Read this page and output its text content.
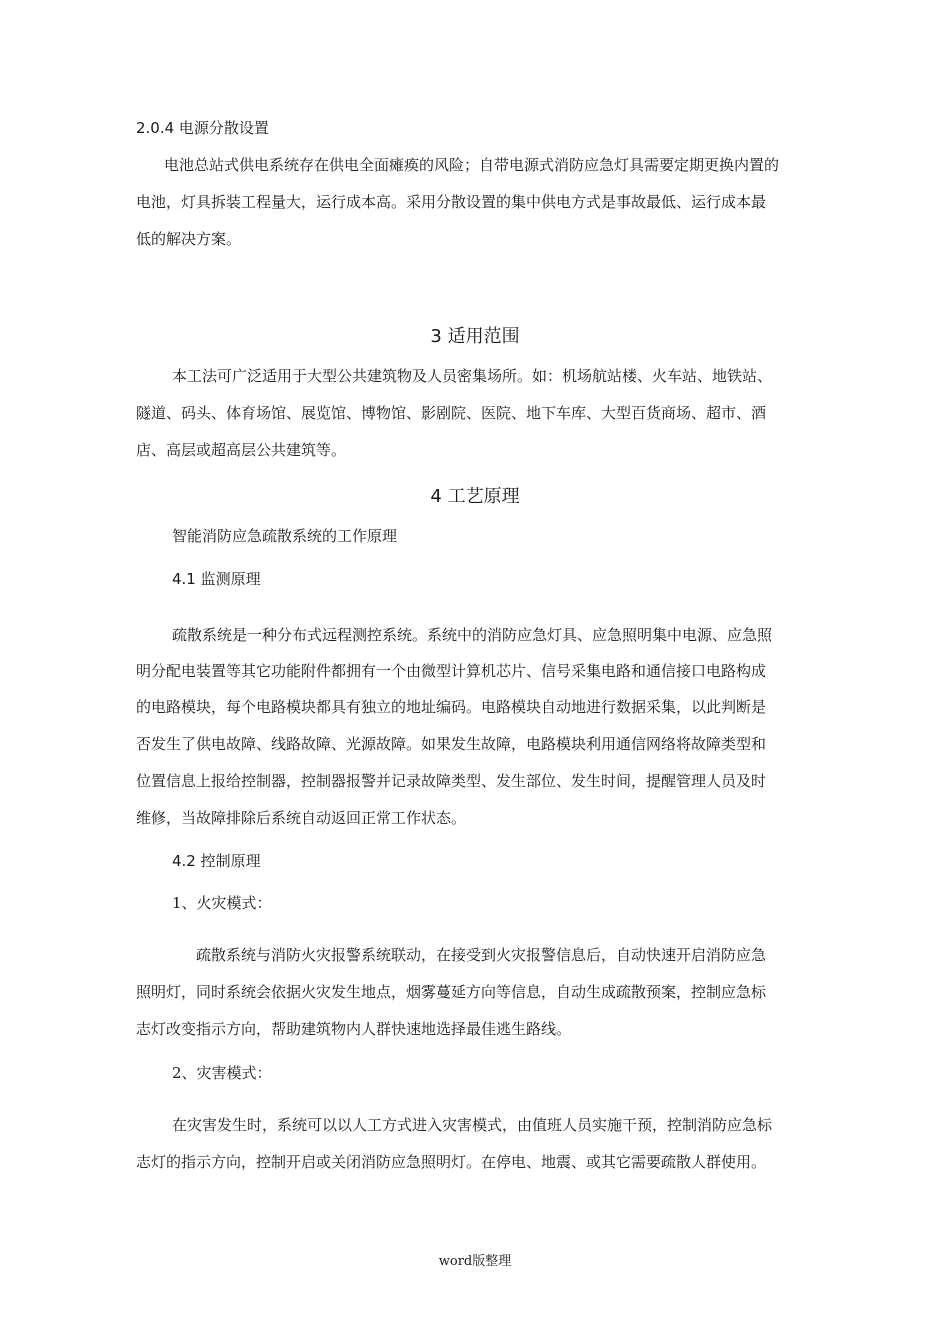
2.0.4 电源分散设置
电池总站式供电系统存在供电全面瘫痪的风险；自带电源式消防应急灯具需要定期更换内置的
电池，灯具拆装工程量大，运行成本高。采用分散设置的集中供电方式是事故最低、运行成本最
低的解决方案。
3 适用范围
本工法可广泛适用于大型公共建筑物及人员密集场所。如：机场航站楼、火车站、地铁站、
隧道、码头、体育场馆、展览馆、博物馆、影剧院、医院、地下车库、大型百货商场、超市、酒
店、高层或超高层公共建筑等。
4 工艺原理
智能消防应急疏散系统的工作原理
4.1 监测原理
疏散系统是一种分布式远程测控系统。系统中的消防应急灯具、应急照明集中电源、应急照
明分配电装置等其它功能附件都拥有一个由微型计算机芯片、信号采集电路和通信接口电路构成
的电路模块，每个电路模块都具有独立的地址编码。电路模块自动地进行数据采集，以此判断是
否发生了供电故障、线路故障、光源故障。如果发生故障，电路模块利用通信网络将故障类型和
位置信息上报给控制器，控制器报警并记录故障类型、发生部位、发生时间，提醒管理人员及时
维修，当故障排除后系统自动返回正常工作状态。
4.2 控制原理
1、火灾模式：
疏散系统与消防火灾报警系统联动，在接受到火灾报警信息后，自动快速开启消防应急
照明灯，同时系统会依据火灾发生地点，烟雾蔓延方向等信息，自动生成疏散预案，控制应急标
志灯改变指示方向，帮助建筑物内人群快速地选择最佳逃生路线。
2、灾害模式：
在灾害发生时，系统可以以人工方式进入灾害模式，由值班人员实施干预，控制消防应急标
志灯的指示方向，控制开启或关闭消防应急照明灯。在停电、地震、或其它需要疏散人群使用。
word版整理
